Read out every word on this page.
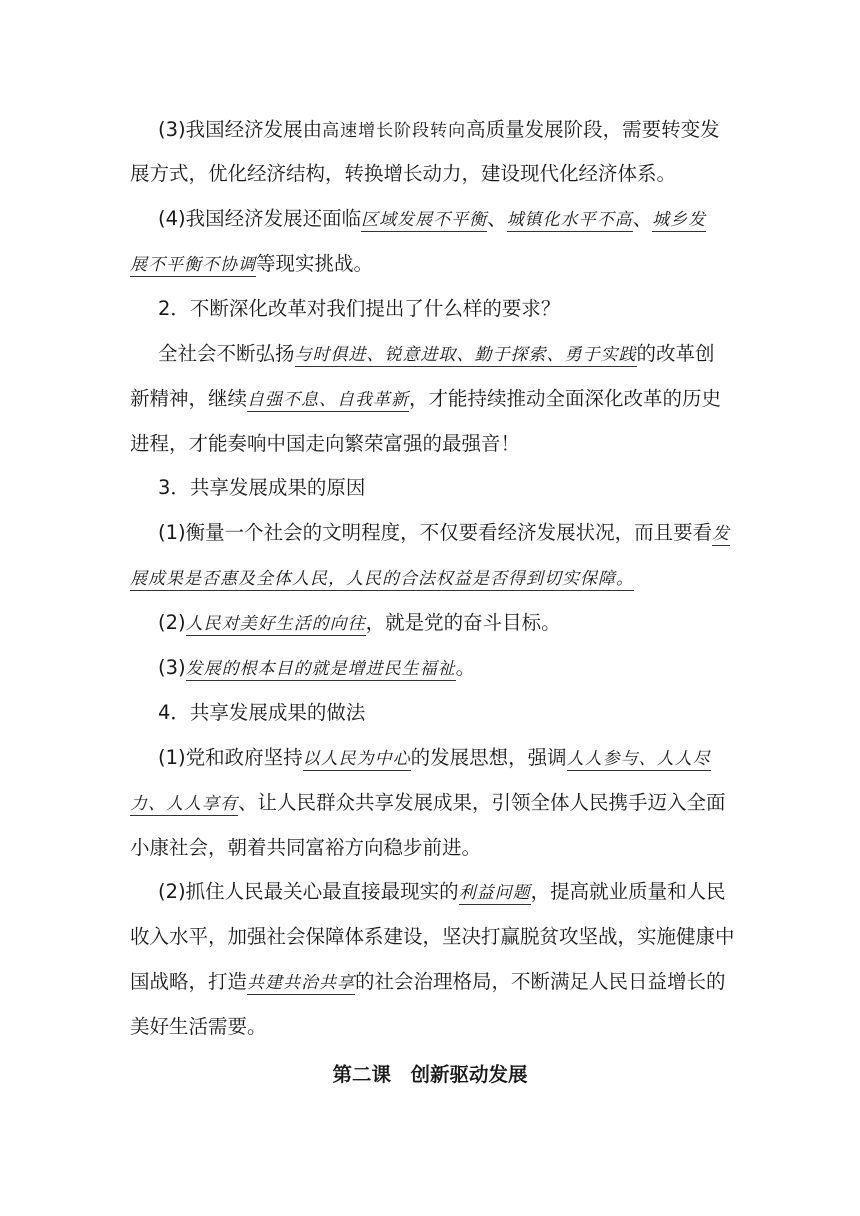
(3)我国经济发展由高速增长阶段转向高质量发展阶段，需要转变发
展方式，优化经济结构，转换增长动力，建设现代化经济体系。
(4)我国经济发展还面临区域发展不平衡、城镇化水平不高、城乡发
展不平衡不协调等现实挑战。
2．不断深化改革对我们提出了什么样的要求？
全社会不断弘扬与时俱进、锐意进取、勤于探索、勇于实践的改革创
新精神，继续自强不息、自我革新，才能持续推动全面深化改革的历史
进程，才能奏响中国走向繁荣富强的最强音！
3．共享发展成果的原因
(1)衡量一个社会的文明程度，不仅要看经济发展状况，而且要看发
展成果是否惠及全体人民，人民的合法权益是否得到切实保障。
(2)人民对美好生活的向往，就是党的奋斗目标。
(3)发展的根本目的就是增进民生福祉。
4．共享发展成果的做法
(1)党和政府坚持以人民为中心的发展思想，强调人人参与、人人尽
力、人人享有、让人民群众共享发展成果，引领全体人民携手迈入全面
小康社会，朝着共同富裕方向稳步前进。
(2)抓住人民最关心最直接最现实的利益问题，提高就业质量和人民
收入水平，加强社会保障体系建设，坚决打赢脱贫攻坚战，实施健康中
国战略，打造共建共治共享的社会治理格局，不断满足人民日益增长的
美好生活需要。
第二课　创新驱动发展
